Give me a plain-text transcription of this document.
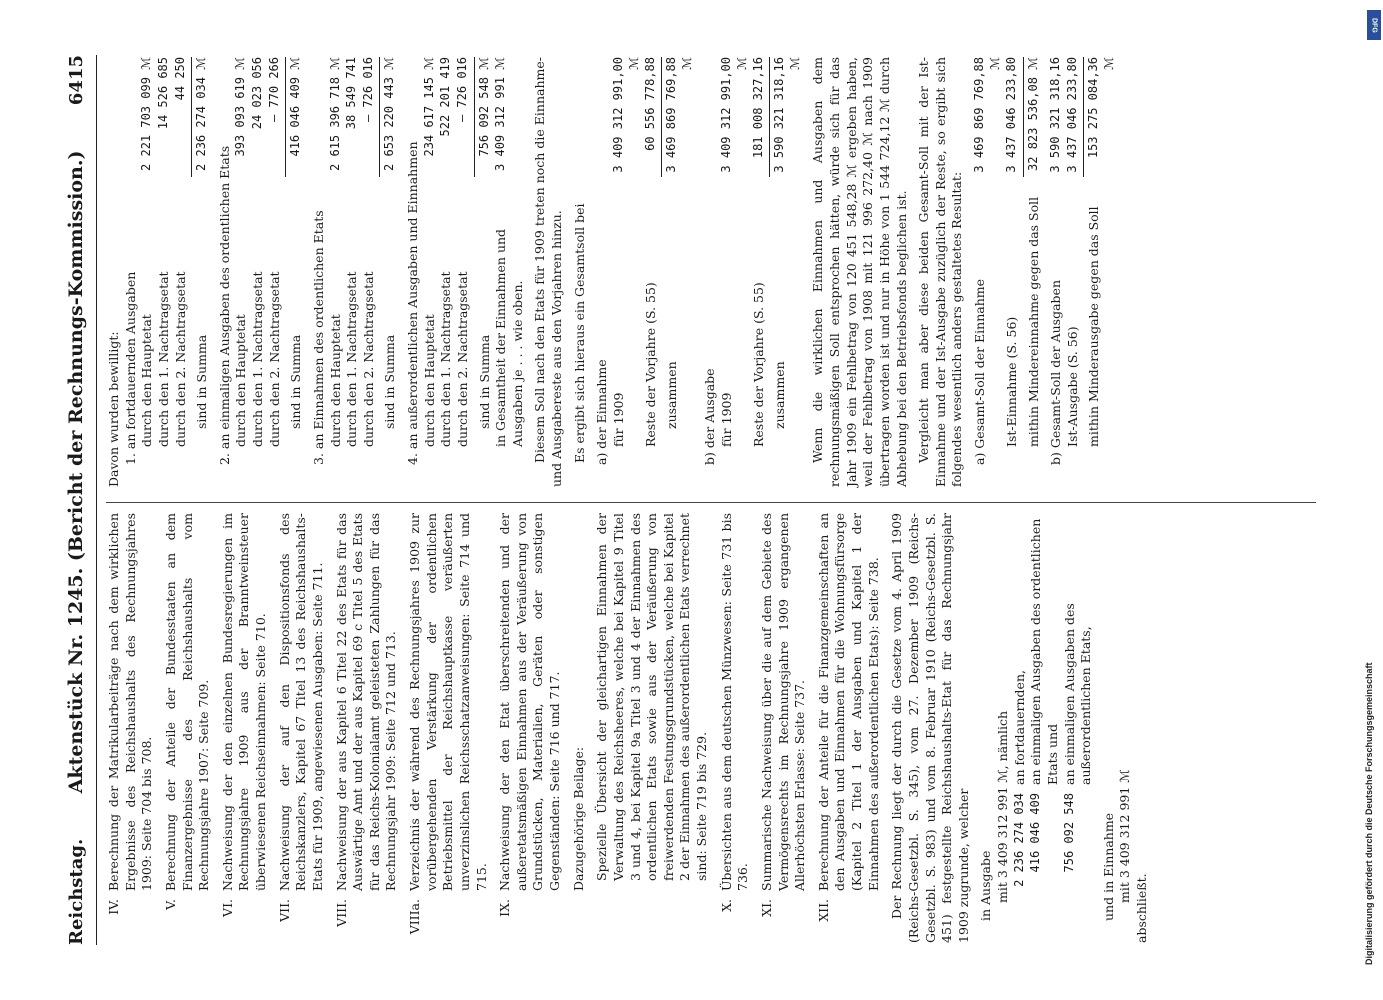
Reichstag.
Aktenstück Nr. 1245. (Bericht der Rechnungs-Kommission.)
6415
IV.
Berechnung der Matrikularbeiträge nach dem wirklichen Ergebnisse des Reichshaushalts des Rechnungsjahres 1909: Seite 704 bis 708.
V.
Berechnung der Anteile der Bundesstaaten an dem Finanzergebnisse des Reichshaushalts vom Rechnungsjahre 1907: Seite 709.
VI.
Nachweisung der den einzelnen Bundesregierungen im Rechnungsjahre 1909 aus der Branntweinsteuer überwiesenen Reichseinnahmen: Seite 710.
VII.
Nachweisung der auf den Dispositionsfonds des Reichskanzlers, Kapitel 67 Titel 13 des Reichshaushalts-Etats für 1909, angewiesenen Ausgaben: Seite 711.
VIII.
Nachweisung der aus Kapitel 6 Titel 22 des Etats für das Auswärtige Amt und der aus Kapitel 69 c Titel 5 des Etats für das Reichs-Kolonialamt geleisteten Zahlungen für das Rechnungsjahr 1909: Seite 712 und 713.
VIIIa.
Verzeichnis der während des Rechnungsjahres 1909 zur vorübergehenden Verstärkung der ordentlichen Betriebsmittel der Reichshauptkasse veräußerten unverzinslichen Reichsschatzanweisungen: Seite 714 und 715.
IX.
Nachweisung der den Etat überschreitenden und der außeretatsmäßigen Einnahmen aus der Veräußerung von Grundstücken, Materialien, Geräten oder sonstigen Gegenständen: Seite 716 und 717. Dazugehörige Beilage: Spezielle Übersicht der gleichartigen Einnahmen der Verwaltung des Reichsheeres, welche bei Kapitel 9 Titel 3 und 4, bei Kapitel 9a Titel 3 und 4 der Einnahmen des ordentlichen Etats sowie aus der Veräußerung von freiwerdenden Festungsgrundstücken, welche bei Kapitel 2 der Einnahmen des außerordentlichen Etats verrechnet sind: Seite 719 bis 729.
X.
Übersichten aus dem deutschen Münzwesen: Seite 731 bis 736.
XI.
Summarische Nachweisung über die auf dem Gebiete des Vermögensrechts im Rechnungsjahre 1909 ergangenen Allerhöchsten Erlasse: Seite 737.
XII.
Berechnung der Anteile für die Finanzgemeinschaften an den Ausgaben und Einnahmen für die Wohnungsfürsorge (Kapitel 2 Titel 1 der Ausgaben und Kapitel 1 der Einnahmen des außerordentlichen Etats): Seite 738. Der Rechnung liegt der durch die Gesetze vom 4. April 1909 (Reichs-Gesetzbl. S. 345), vom 27. Dezember 1909 (Reichs-Gesetzbl. S. 983) und vom 8. Februar 1910 (Reichs-Gesetzbl. S. 451) festgestellte Reichshaushalts-Etat für das Rechnungsjahr 1909 zugrunde, welcher in Ausgabe mit 3 409 312 991 ℳ,

nämlich
2 236 274 034
an fortdauernden,
416 046 409
an einmaligen Ausgaben des ordentlichen Etats und
756 092 548
an einmaligen Ausgaben des außerordentlichen Etats,
und in Einnahme mit 3 409 312 991 ℳ
abschließt.
Davon wurden bewilligt: 1. an fortdauernden Ausgaben durch den Hauptetat
2 221 703 099 ℳ
durch den 1. Nachtragsetat
14 526 685
durch den 2. Nachtragsetat
44 250
sind in Summa
2 236 274 034 ℳ
2. an einmaligen Ausgaben des ordentlichen Etats durch den Hauptetat
393 093 619 ℳ
durch den 1. Nachtragsetat
24 023 056
durch den 2. Nachtragsetat
— 770 266
sind in Summa
416 046 409 ℳ
3. an Einnahmen des ordentlichen Etats durch den Hauptetat
2 615 396 718 ℳ
durch den 1. Nachtragsetat
38 549 741
durch den 2. Nachtragsetat
— 726 016
sind in Summa
2 653 220 443 ℳ
4. an außerordentlichen Ausgaben und Einnahmen durch den Hauptetat
234 617 145 ℳ
durch den 1. Nachtragsetat
522 201 419
durch den 2. Nachtragsetat
— 726 016
sind in Summa
756 092 548 ℳ
in Gesamtheit der Einnahmen und Ausgaben je . . . wie oben.
3 409 312 991 ℳ	Diesem Soll nach den Etats für 1909 treten noch die Einnahme- und Ausgabereste aus den Vorjahren hinzu. Es ergibt sich hieraus ein Gesamtsoll bei a) der Einnahme für 1909
3 409 312 991,00 ℳ
Reste der Vorjahre (S. 55)
60 556 778,88
zusammen
3 469 869 769,88 ℳ
b) der Ausgabe für 1909
3 409 312 991,00 ℳ
Reste der Vorjahre (S. 55)
181 008 327,16
zusammen
3 590 321 318,16 ℳ Wenn die wirklichen Einnahmen und Ausgaben dem rechnungsmäßigen Soll entsprochen hätten, würde sich für das Jahr 1909 ein Fehlbetrag von 120 451 548,28 ℳ ergeben haben, weil der Fehlbetrag von 1908 mit 121 996 272,40 ℳ nach 1909 übertragen worden ist und nur in Höhe von 1 544 724,12 ℳ durch Abhebung bei den Betriebsfonds beglichen ist. Vergleicht man aber diese beiden Gesamt-Soll mit der Ist-Einnahme und der Ist-Ausgabe zuzüglich der Reste, so ergibt sich folgendes wesentlich anders gestaltetes Resultat: a) Gesamt-Soll der Einnahme
3 469 869 769,88 ℳ
Ist-Einnahme (S. 56)
3 437 046 233,80
mithin Mindereinnahme gegen das Soll
32 823 536,08 ℳ
b) Gesamt-Soll der Ausgaben
3 590 321 318,16
Ist-Ausgabe (S. 56)
3 437 046 233,80
mithin Minderausgabe gegen das Soll
153 275 084,36 ℳ
Digitalisierung gefördert durch die Deutsche Forschungsgemeinschaft
DFG
